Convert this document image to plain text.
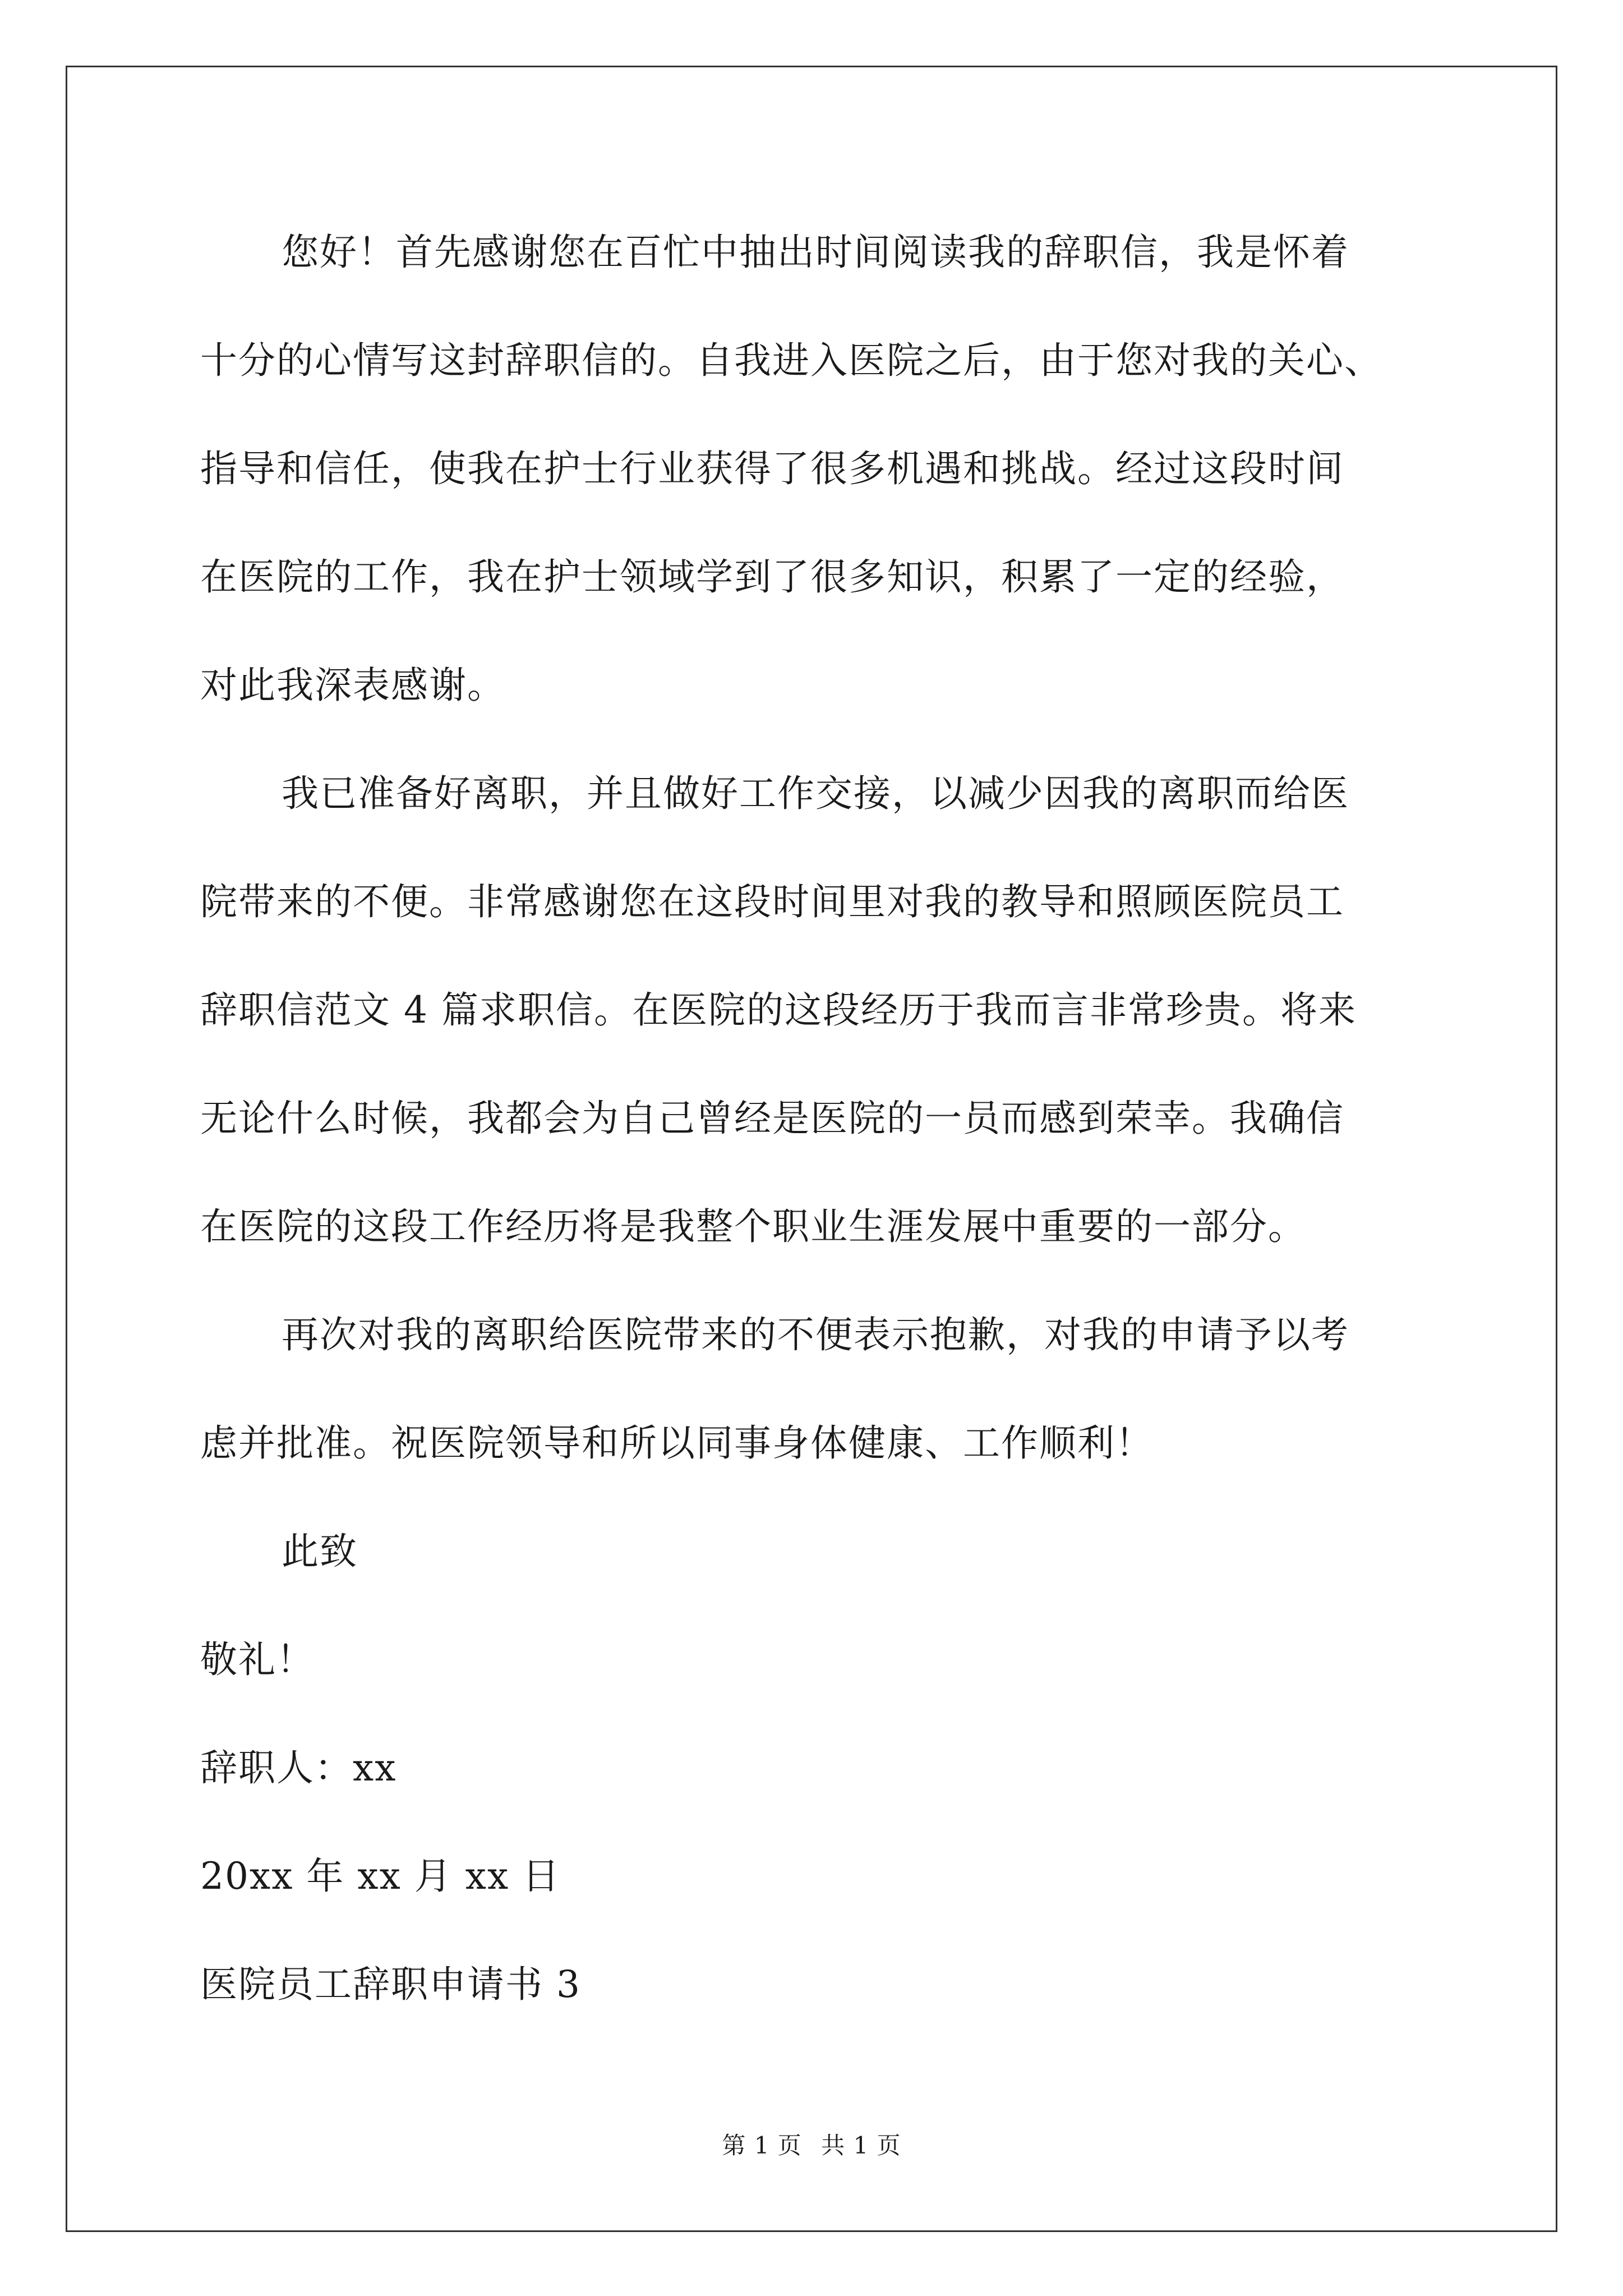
您好！首先感谢您在百忙中抽出时间阅读我的辞职信，我是怀着
十分的心情写这封辞职信的。自我进入医院之后，由于您对我的关心、
指导和信任，使我在护士行业获得了很多机遇和挑战。经过这段时间
在医院的工作，我在护士领域学到了很多知识，积累了一定的经验，
对此我深表感谢。
我已准备好离职，并且做好工作交接，以减少因我的离职而给医
院带来的不便。非常感谢您在这段时间里对我的教导和照顾医院员工
辞职信范文 4 篇求职信。在医院的这段经历于我而言非常珍贵。将来
无论什么时候，我都会为自己曾经是医院的一员而感到荣幸。我确信
在医院的这段工作经历将是我整个职业生涯发展中重要的一部分。
再次对我的离职给医院带来的不便表示抱歉，对我的申请予以考
虑并批准。祝医院领导和所以同事身体健康、工作顺利！
此致
敬礼！
辞职人：xx
20xx 年 xx 月 xx 日
医院员工辞职申请书 3
第 1 页 共 1 页
